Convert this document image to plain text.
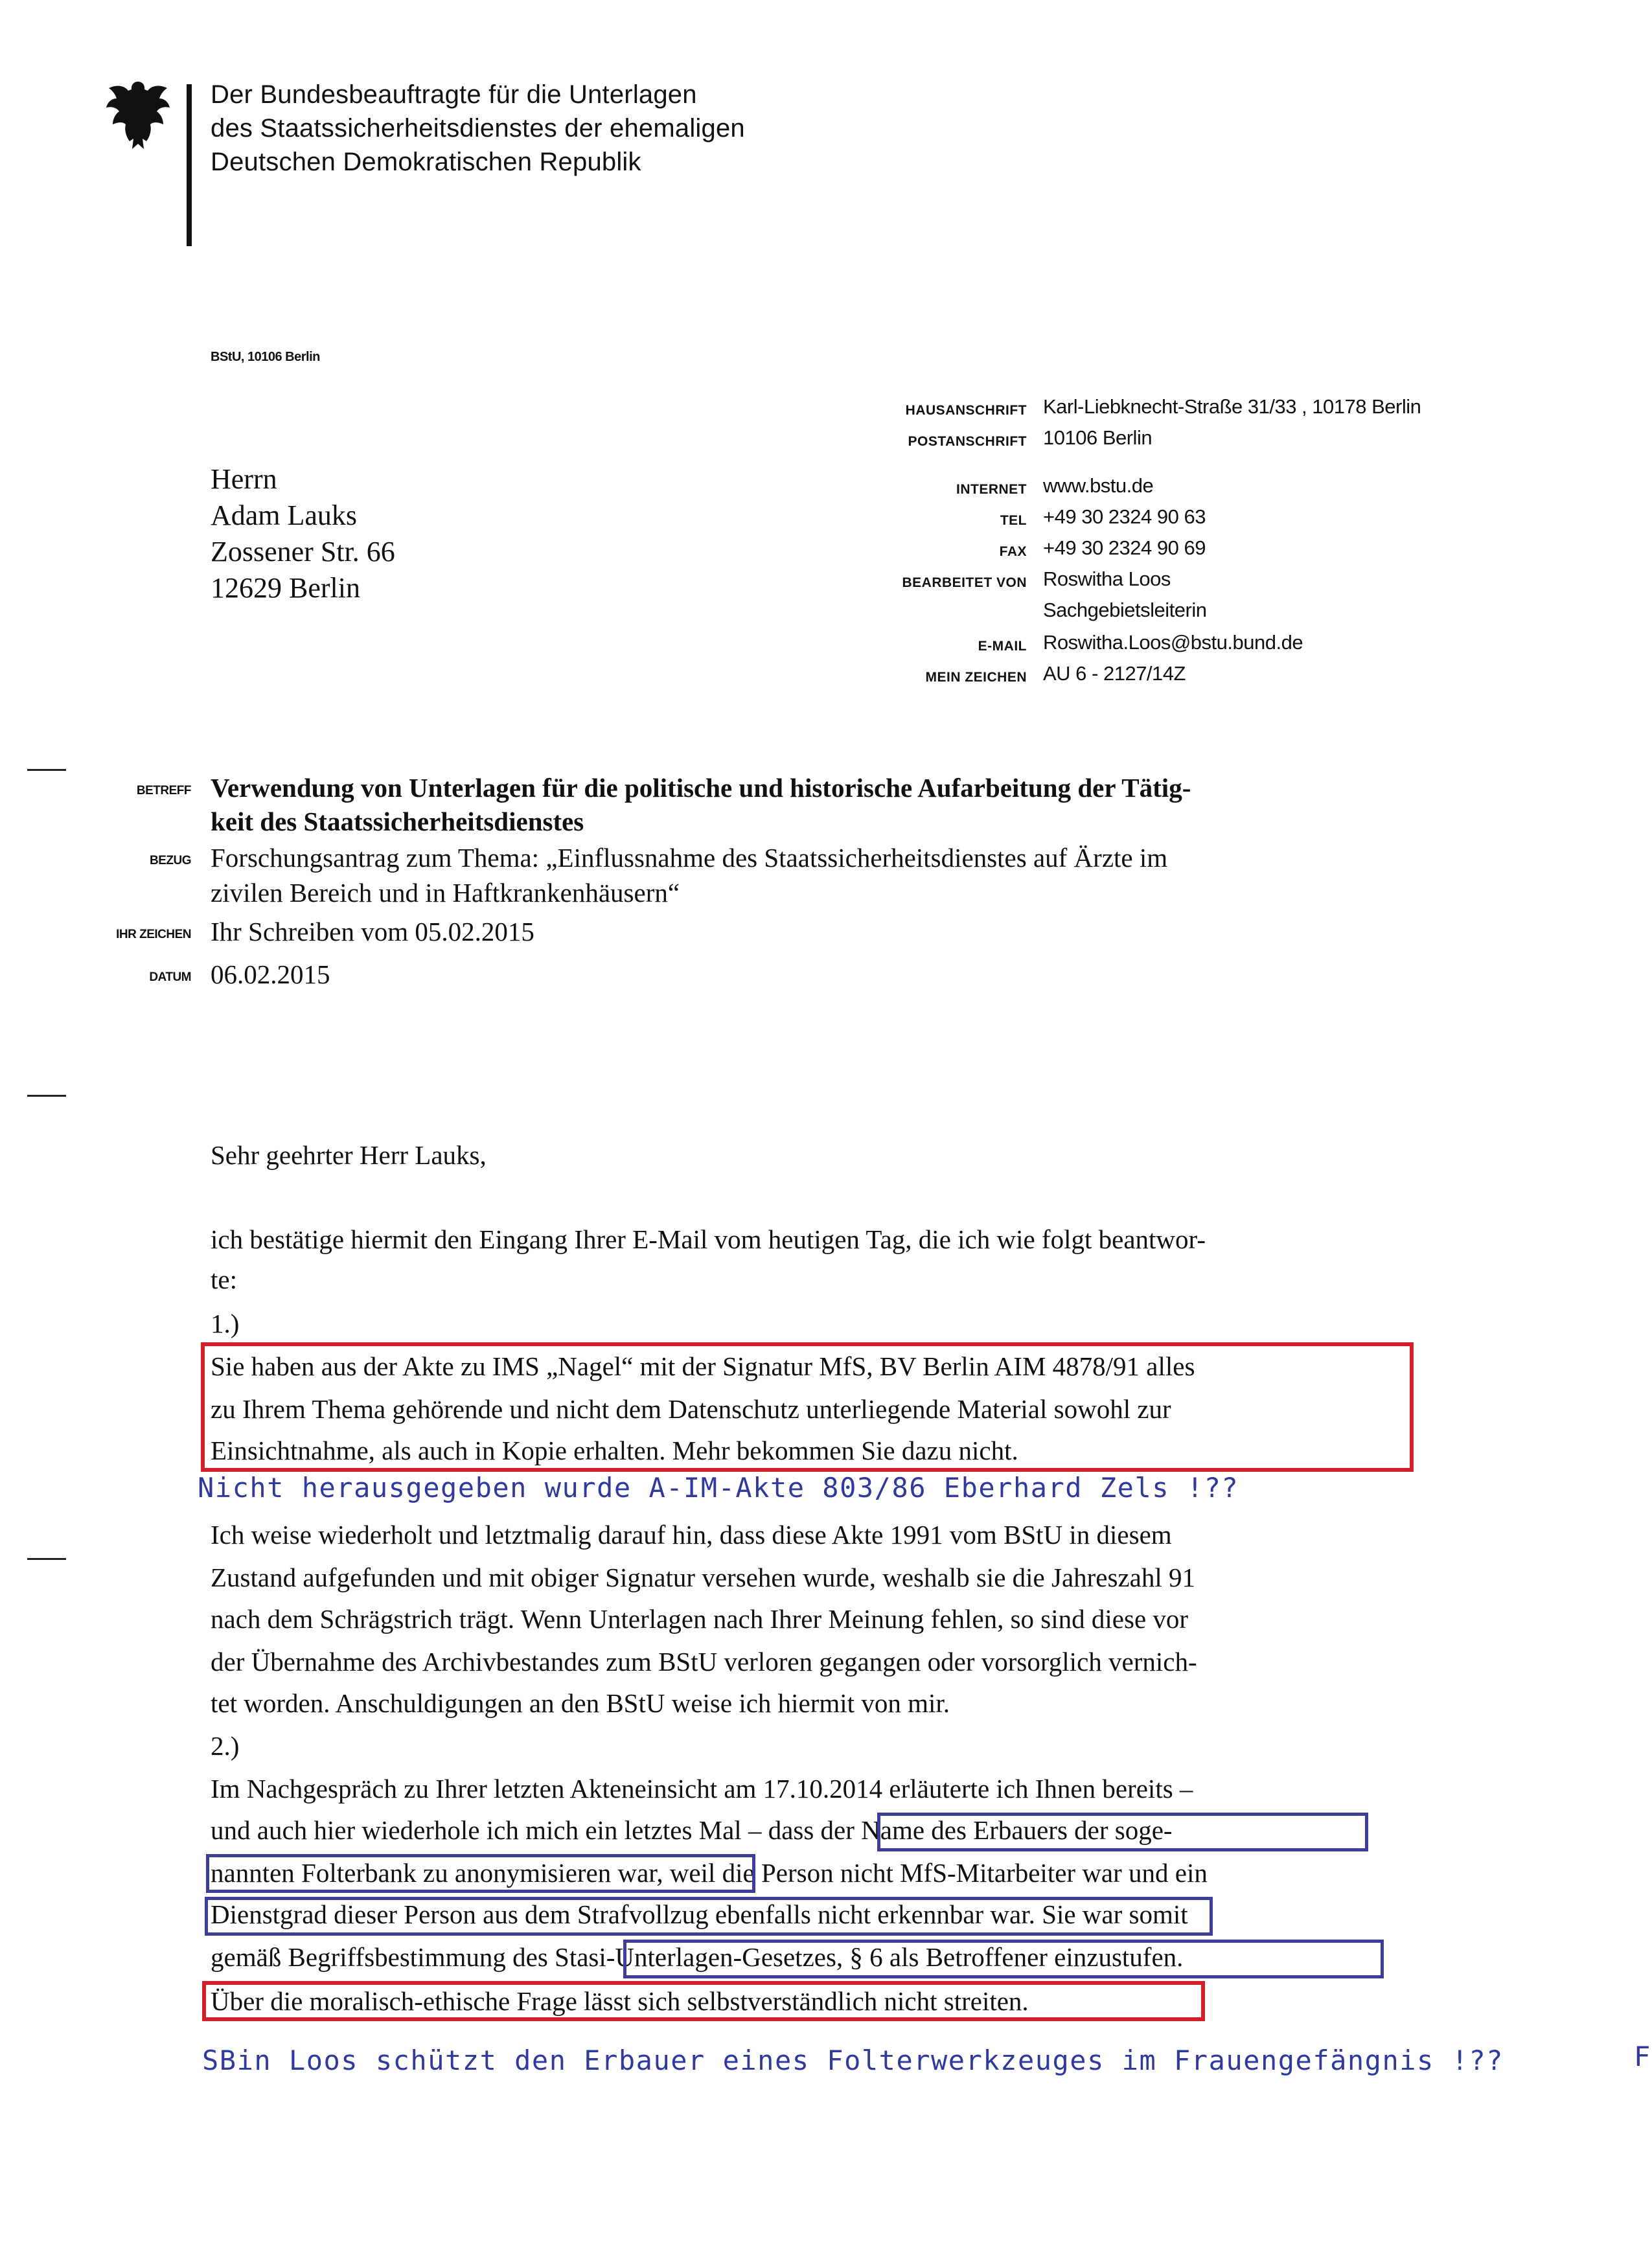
Der Bundesbeauftragte für die Unterlagen
des Staatssicherheitsdienstes der ehemaligen
Deutschen Demokratischen Republik
BStU, 10106 Berlin
HAUSANSCHRIFT Karl-Liebknecht-Straße 31/33 , 10178 Berlin
POSTANSCHRIFT 10106 Berlin
INTERNET www.bstu.de
TEL +49 30 2324 90 63
FAX +49 30 2324 90 69
BEARBEITET VON Roswitha Loos
Sachgebietsleiterin
E-MAIL Roswitha.Loos@bstu.bund.de
MEIN ZEICHEN AU 6 - 2127/14Z
Herrn
Adam Lauks
Zossener Str. 66
12629 Berlin
BETREFF Verwendung von Unterlagen für die politische und historische Aufarbeitung der Tätig-
keit des Staatssicherheitsdienstes
BEZUG Forschungsantrag zum Thema: „Einflussnahme des Staatssicherheitsdienstes auf Ärzte im
zivilen Bereich und in Haftkrankenhäusern“
IHR ZEICHEN Ihr Schreiben vom 05.02.2015
DATUM 06.02.2015
Sehr geehrter Herr Lauks,
ich bestätige hiermit den Eingang Ihrer E-Mail vom heutigen Tag, die ich wie folgt beantwor-
te:
1.)
Sie haben aus der Akte zu IMS „Nagel“ mit der Signatur MfS, BV Berlin AIM 4878/91 alles
zu Ihrem Thema gehörende und nicht dem Datenschutz unterliegende Material sowohl zur
Einsichtnahme, als auch in Kopie erhalten. Mehr bekommen Sie dazu nicht.
Nicht herausgegeben wurde A-IM-Akte 803/86 Eberhard Zels !??
Ich weise wiederholt und letztmalig darauf hin, dass diese Akte 1991 vom BStU in diesem
Zustand aufgefunden und mit obiger Signatur versehen wurde, weshalb sie die Jahreszahl 91
nach dem Schrägstrich trägt. Wenn Unterlagen nach Ihrer Meinung fehlen, so sind diese vor
der Übernahme des Archivbestandes zum BStU verloren gegangen oder vorsorglich vernich-
tet worden. Anschuldigungen an den BStU weise ich hiermit von mir.
2.)
Im Nachgespräch zu Ihrer letzten Akteneinsicht am 17.10.2014 erläuterte ich Ihnen bereits –
und auch hier wiederhole ich mich ein letztes Mal – dass der Name des Erbauers der soge-
nannten Folterbank zu anonymisieren war, weil die Person nicht MfS-Mitarbeiter war und ein
Dienstgrad dieser Person aus dem Strafvollzug ebenfalls nicht erkennbar war. Sie war somit
gemäß Begriffsbestimmung des Stasi-Unterlagen-Gesetzes, § 6 als Betroffener einzustufen.
Über die moralisch-ethische Frage lässt sich selbstverständlich nicht streiten.
SBin Loos schützt den Erbauer eines Folterwerkzeuges im Frauengefängnis !??	F
